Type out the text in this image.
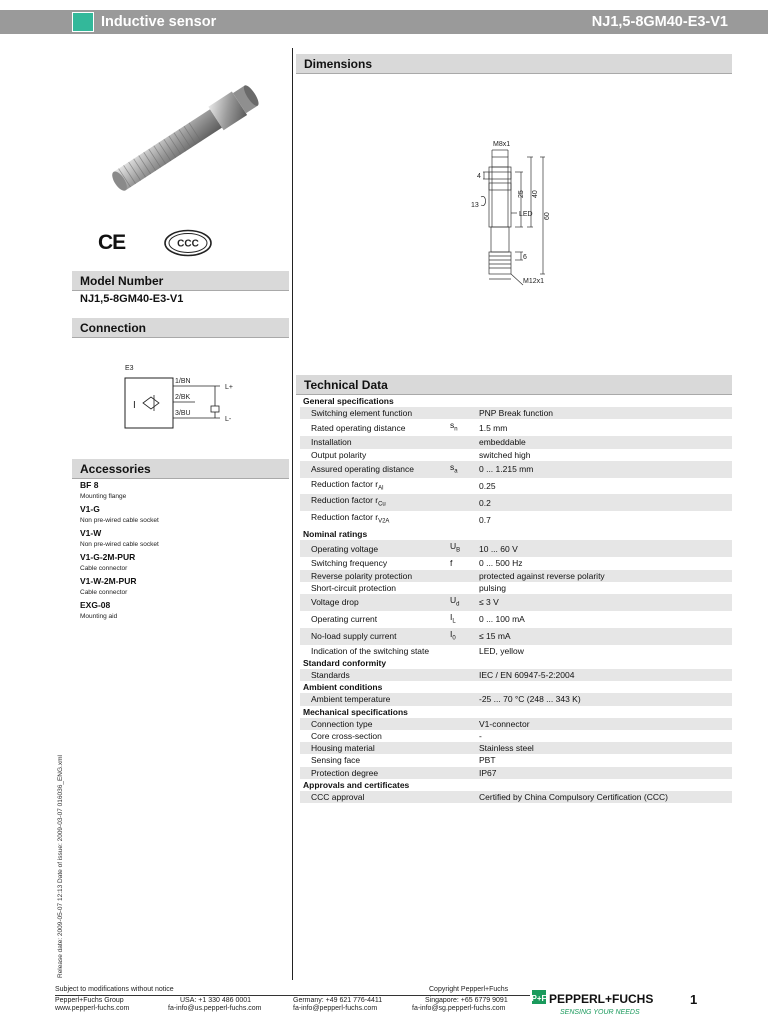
Inductive sensor	NJ1,5-8GM40-E3-V1
CE	CCC
Model Number
NJ1,5-8GM40-E3-V1
Connection
E3
I
1/BN
2/BK
3/BU
L+
L-
Accessories
BF 8
Mounting flange
V1-G
Non pre-wired cable socket
V1-W
Non pre-wired cable socket
V1-G-2M-PUR
Cable connector
V1-W-2M-PUR
Cable connector
EXG-08
Mounting aid
Dimensions
M8x1
4
25 40
60
13
LED
6
M12x1
Technical Data
General specifications		
Switching element function		PNP Break function
Rated operating distance	$s_n$	1.5 mm
Installation		embeddable
Output polarity		switched high
Assured operating distance	$s_a$	0 ... 1.215 mm
Reduction factor $r_{Al}$		0.25
Reduction factor $r_{Cu}$		0.2
Reduction factor $r_{V2A}$		0.7
Nominal ratings		
Operating voltage	$U_B$	10 ... 60 V
Switching frequency	f	0 ... 500 Hz
Reverse polarity protection		protected against reverse polarity
Short-circuit protection		pulsing
Voltage drop	$U_d$	≤ 3 V
Operating current	$I_L$	0 ... 100 mA
No-load supply current	$I_0$	≤ 15 mA
Indication of the switching state		LED, yellow
Standard conformity		
Standards		IEC / EN 60947-5-2:2004
Ambient conditions		
Ambient temperature		-25 ... 70 °C (248 ... 343 K)
Mechanical specifications		
Connection type		V1-connector
Core cross-section		-
Housing material		Stainless steel
Sensing face		PBT
Protection degree		IP67
Approvals and certificates		
CCC approval		Certified by China Compulsory Certification (CCC)
Release date: 2009-05-07 12:13 Date of issue: 2009-03-07 016036_ENG.xml
Subject to modifications without notice	Copyright Pepperl+Fuchs
Pepperl+Fuchs Group	USA: +1 330 486 0001	Germany: +49 621 776-4411	Singapore: +65 6779 9091
www.pepperl-fuchs.com	fa-info@us.pepperl-fuchs.com	fa-info@pepperl-fuchs.com	fa-info@sg.pepperl-fuchs.com
P+F PEPPERL+FUCHS
SENSING YOUR NEEDS
1
